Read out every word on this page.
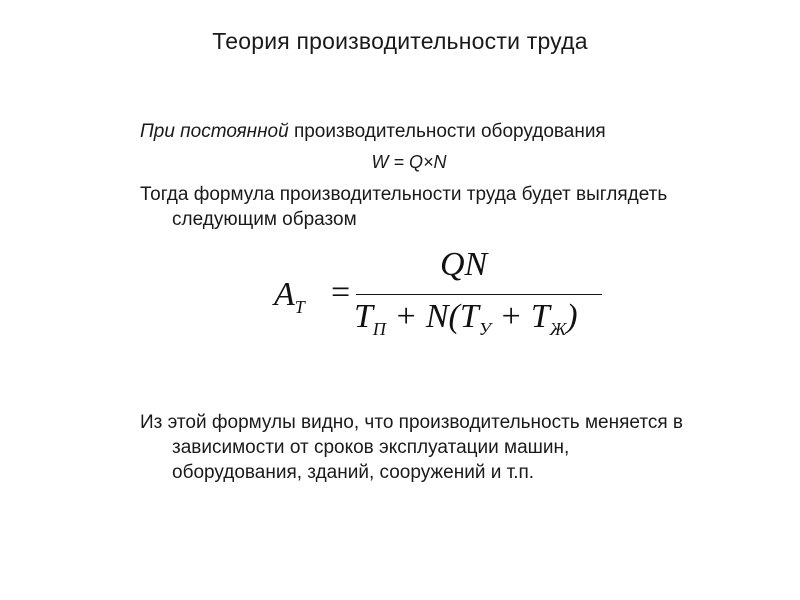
Теория производительности труда
При постоянной производительности оборудования
W = Q×N
Тогда формула производительности труда будет выглядеть
следующим образом
$A_T$ =
QN
$T_П + N(T_У + T_Ж)$
Из этой формулы видно, что производительность меняется в
зависимости от сроков эксплуатации машин,
оборудования, зданий, сооружений и т.п.
